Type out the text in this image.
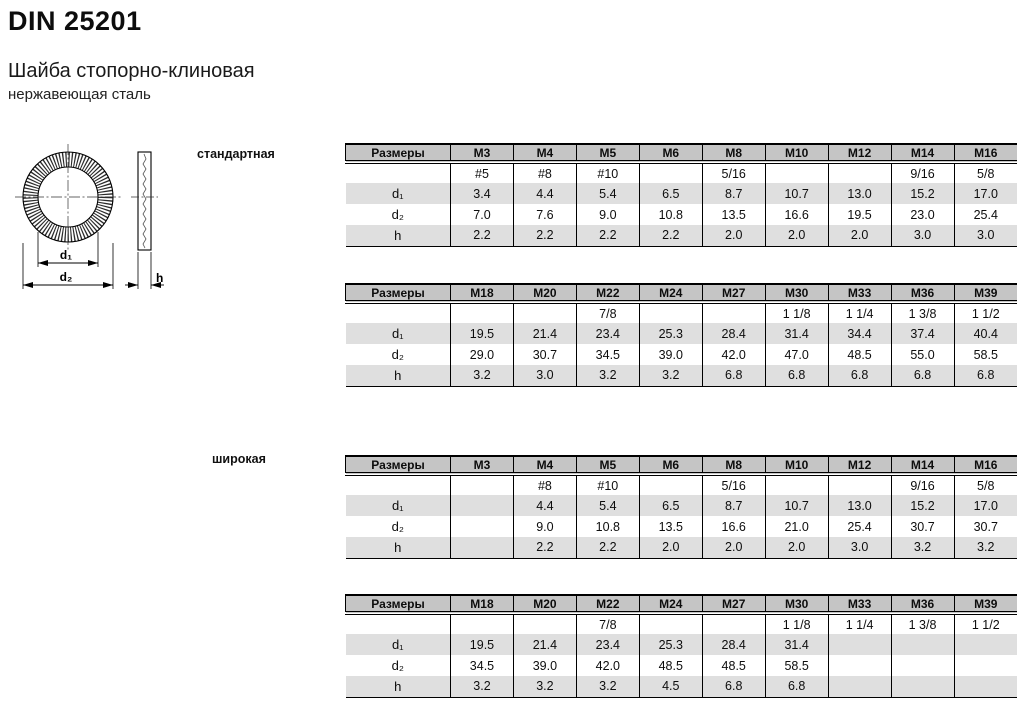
DIN 25201
Шайба стопорно-клиновая
нержавеющая сталь
стандартная
широкая
d₁
d₂	h
Размеры	M3	M4	M5	M6	M8	M10	M12	M14	M16
	#5	#8	#10		5/16			9/16	5/8
d₁	3.4	4.4	5.4	6.5	8.7	10.7	13.0	15.2	17.0
d₂	7.0	7.6	9.0	10.8	13.5	16.6	19.5	23.0	25.4
h	2.2	2.2	2.2	2.2	2.0	2.0	2.0	3.0	3.0
Размеры	M18	M20	M22	M24	M27	M30	M33	M36	M39
			7/8			1 1/8	1 1/4	1 3/8	1 1/2
d₁	19.5	21.4	23.4	25.3	28.4	31.4	34.4	37.4	40.4
d₂	29.0	30.7	34.5	39.0	42.0	47.0	48.5	55.0	58.5
h	3.2	3.0	3.2	3.2	6.8	6.8	6.8	6.8	6.8
Размеры	M3	M4	M5	M6	M8	M10	M12	M14	M16
		#8	#10		5/16			9/16	5/8
d₁		4.4	5.4	6.5	8.7	10.7	13.0	15.2	17.0
d₂		9.0	10.8	13.5	16.6	21.0	25.4	30.7	30.7
h		2.2	2.2	2.0	2.0	2.0	3.0	3.2	3.2
Размеры	M18	M20	M22	M24	M27	M30	M33	M36	M39
			7/8			1 1/8	1 1/4	1 3/8	1 1/2
d₁	19.5	21.4	23.4	25.3	28.4	31.4			
d₂	34.5	39.0	42.0	48.5	48.5	58.5			
h	3.2	3.2	3.2	4.5	6.8	6.8			
